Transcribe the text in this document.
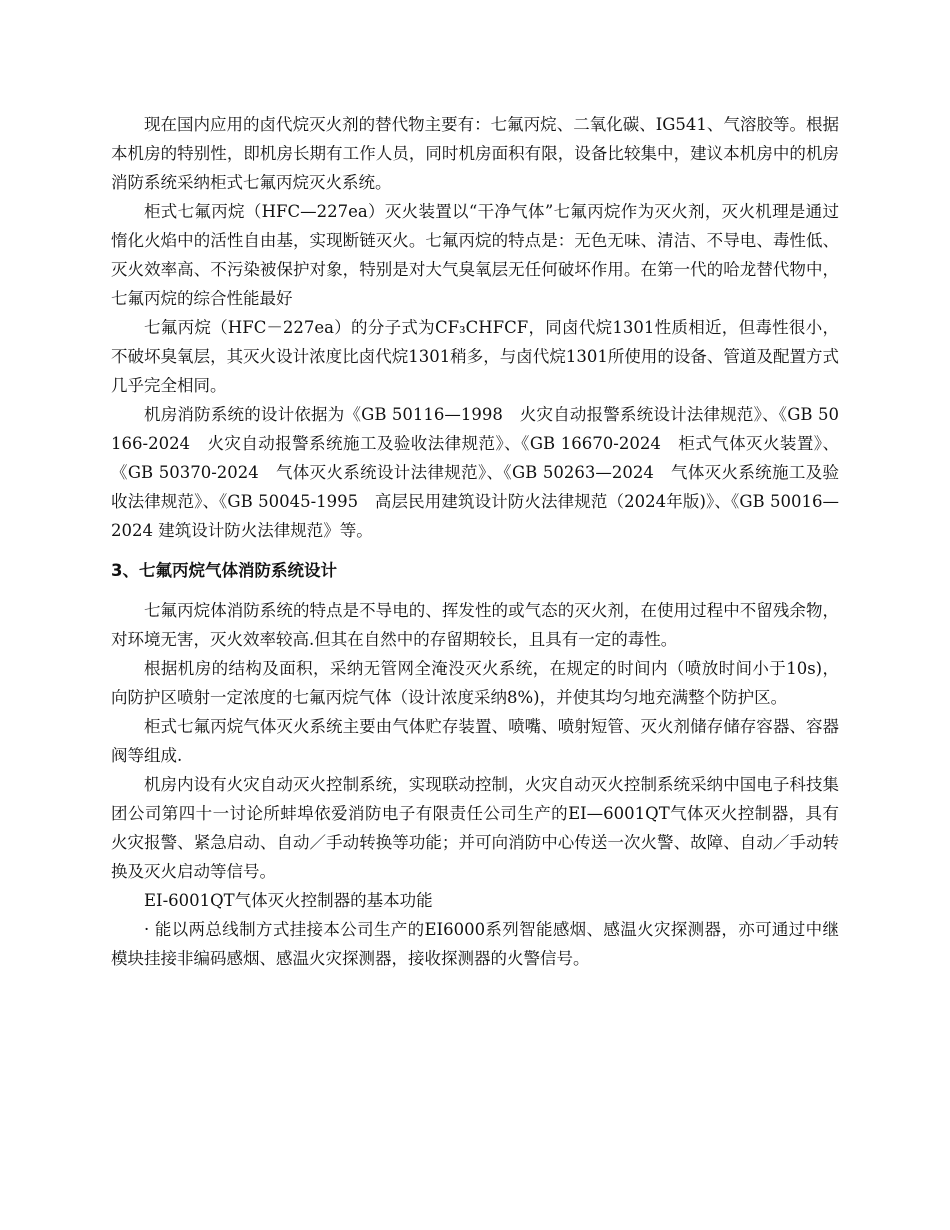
现在国内应用的卤代烷灭火剂的替代物主要有：七氟丙烷、二氧化碳、IG541、气溶胶等。根据本机房的特别性，即机房长期有工作人员，同时机房面积有限，设备比较集中，建议本机房中的机房消防系统采纳柜式七氟丙烷灭火系统。

柜式七氟丙烷（HFC—227ea）灭火装置以“干净气体”七氟丙烷作为灭火剂，灭火机理是通过惰化火焰中的活性自由基，实现断链灭火。七氟丙烷的特点是：无色无味、清洁、不导电、毒性低、灭火效率高、不污染被保护对象，特别是对大气臭氧层无任何破坏作用。在第一代的哈龙替代物中，七氟丙烷的综合性能最好

七氟丙烷（HFC－227ea）的分子式为CF₃CHFCF，同卤代烷1301性质相近，但毒性很小，不破坏臭氧层，其灭火设计浓度比卤代烷1301稍多，与卤代烷1301所使用的设备、管道及配置方式几乎完全相同。

机房消防系统的设计依据为《GB 50116—1998　火灾自动报警系统设计法律规范》、《GB 50166-2024　火灾自动报警系统施工及验收法律规范》、《GB 16670-2024　柜式气体灭火装置》、《GB 50370-2024　气体灭火系统设计法律规范》、《GB 50263—2024　气体灭火系统施工及验收法律规范》、《GB 50045-1995　高层民用建筑设计防火法律规范（2024年版)》、《GB 50016—2024 建筑设计防火法律规范》等。

3、七氟丙烷气体消防系统设计

七氟丙烷体消防系统的特点是不导电的、挥发性的或气态的灭火剂，在使用过程中不留残余物，对环境无害，灭火效率较高.但其在自然中的存留期较长，且具有一定的毒性。

根据机房的结构及面积，采纳无管网全淹没灭火系统，在规定的时间内（喷放时间小于10s)，向防护区喷射一定浓度的七氟丙烷气体（设计浓度采纳8%)，并使其均匀地充满整个防护区。

柜式七氟丙烷气体灭火系统主要由气体贮存装置、喷嘴、喷射短管、灭火剂储存储存容器、容器阀等组成.

机房内设有火灾自动灭火控制系统，实现联动控制，火灾自动灭火控制系统采纳中国电子科技集团公司第四十一讨论所蚌埠依爱消防电子有限责任公司生产的EI—6001QT气体灭火控制器，具有火灾报警、紧急启动、自动／手动转换等功能；并可向消防中心传送一次火警、故障、自动／手动转换及灭火启动等信号。

EI-6001QT气体灭火控制器的基本功能

· 能以两总线制方式挂接本公司生产的EI6000系列智能感烟、感温火灾探测器，亦可通过中继模块挂接非编码感烟、感温火灾探测器，接收探测器的火警信号。
